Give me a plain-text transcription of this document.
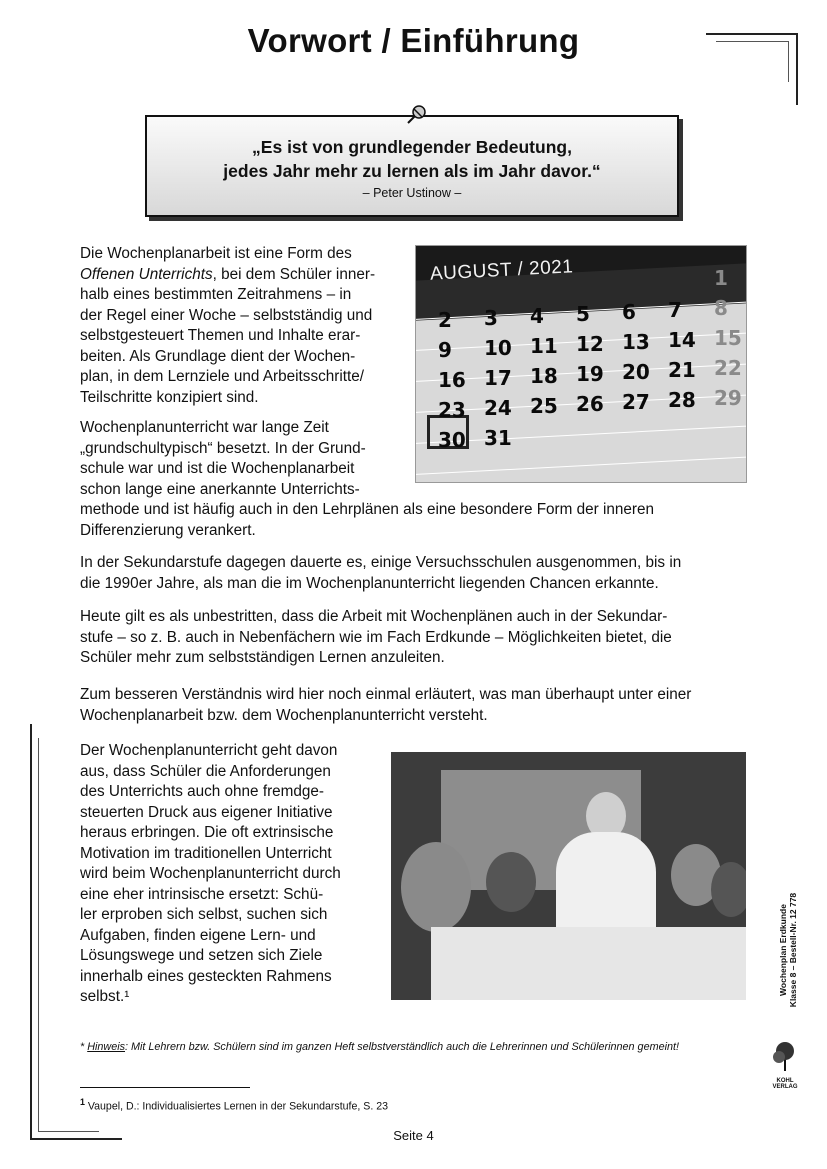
Vorwort / Einführung
„Es ist von grundlegender Bedeutung,
jedes Jahr mehr zu lernen als im Jahr davor.“
– Peter Ustinow –

Die Wochenplanarbeit ist eine Form des

Offenen Unterrichts, bei dem Schüler inner-

halb eines bestimmten Zeitrahmens – in

der Regel einer Woche – selbstständig und

selbstgesteuert Themen und Inhalte erar-

beiten. Als Grundlage dient der Wochen-

plan, in dem Lernziele und Arbeitsschritte/

Teilschritte konzipiert sind.

AUGUST / 2021	1
2 3 4 5 6 7 8
9 10 11 12 13 14 15
16 17 18 19 20 21 22
23 24 25 26 27 28 29
30 31

Wochenplanunterricht war lange Zeit

„grundschultypisch“ besetzt. In der Grund-

schule war und ist die Wochenplanarbeit

schon lange eine anerkannte Unterrichts-

methode und ist häufig auch in den Lehrplänen als eine besondere Form der inneren

Differenzierung verankert.

In der Sekundarstufe dagegen dauerte es, einige Versuchsschulen ausgenommen, bis in

die 1990er Jahre, als man die im Wochenplanunterricht liegenden Chancen erkannte.

Heute gilt es als unbestritten, dass die Arbeit mit Wochenplänen auch in der Sekundar-

stufe – so z. B. auch in Nebenfächern wie im Fach Erdkunde – Möglichkeiten bietet, die

Schüler mehr zum selbstständigen Lernen anzuleiten.

Zum besseren Verständnis wird hier noch einmal erläutert, was man überhaupt unter einer

Wochenplanarbeit bzw. dem Wochenplanunterricht versteht.

Der Wochenplanunterricht geht davon

aus, dass Schüler die Anforderungen

des Unterrichts auch ohne fremdge-

steuerten Druck aus eigener Initiative

heraus erbringen. Die oft extrinsische

Motivation im traditionellen Unterricht

wird beim Wochenplanunterricht durch

eine eher intrinsische ersetzt: Schü-

ler erproben sich selbst, suchen sich

Aufgaben, finden eigene Lern- und

Lösungswege und setzen sich Ziele

innerhalb eines gesteckten Rahmens

selbst.¹

* Hinweis: Mit Lehrern bzw. Schülern sind im ganzen Heft selbstverständlich auch die Lehrerinnen und Schülerinnen gemeint!
$^1$ Vaupel, D.: Individualisiertes Lernen in der Sekundarstufe, S. 23
Seite 4
Wochenplan Erdkunde Klasse 8 – Bestell-Nr. 12 778
KOHL VERLAG
